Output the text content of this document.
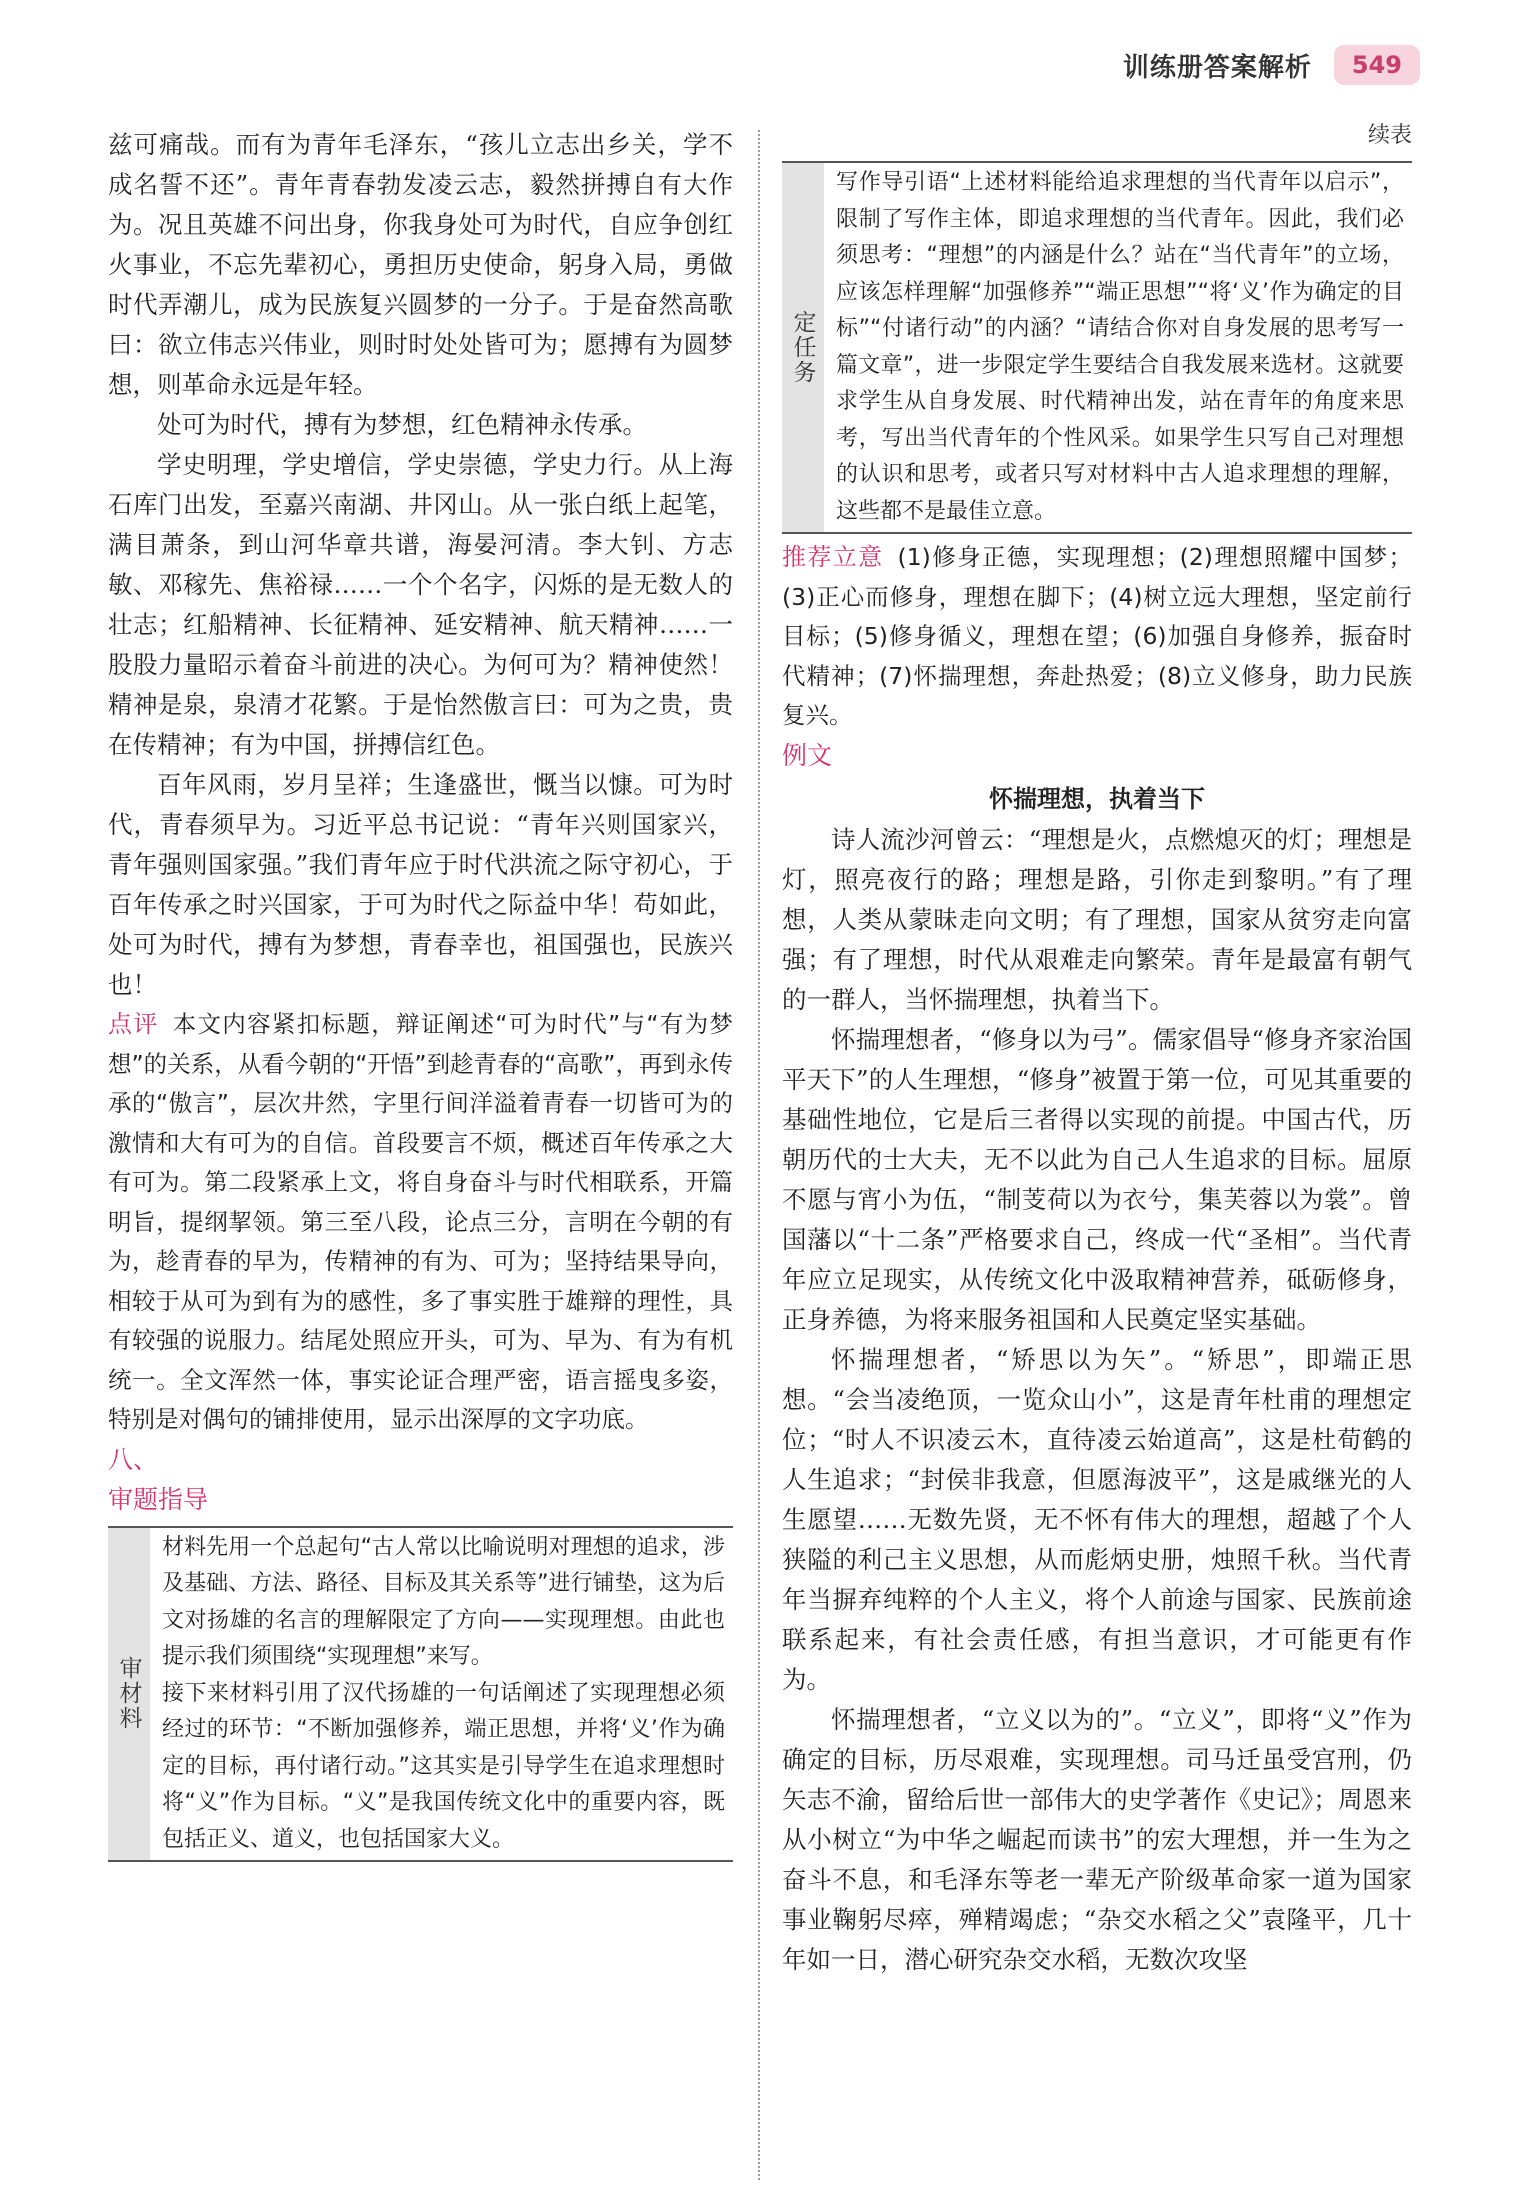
训练册答案解析	549

兹可痛哉。而有为青年毛泽东，“孩儿立志出乡关，学不成名誓不还”。青年青春勃发凌云志，毅然拼搏自有大作为。况且英雄不问出身，你我身处可为时代，自应争创红火事业，不忘先辈初心，勇担历史使命，躬身入局，勇做时代弄潮儿，成为民族复兴圆梦的一分子。于是奋然高歌曰：欲立伟志兴伟业，则时时处处皆可为；愿搏有为圆梦想，则革命永远是年轻。

处可为时代，搏有为梦想，红色精神永传承。

学史明理，学史增信，学史崇德，学史力行。从上海石库门出发，至嘉兴南湖、井冈山。从一张白纸上起笔，满目萧条，到山河华章共谱，海晏河清。李大钊、方志敏、邓稼先、焦裕禄……一个个名字，闪烁的是无数人的壮志；红船精神、长征精神、延安精神、航天精神……一股股力量昭示着奋斗前进的决心。为何可为？精神使然！精神是泉，泉清才花繁。于是怡然傲言曰：可为之贵，贵在传精神；有为中国，拼搏信红色。

百年风雨，岁月呈祥；生逢盛世，慨当以慷。可为时代，青春须早为。习近平总书记说：“青年兴则国家兴，青年强则国家强。”我们青年应于时代洪流之际守初心，于百年传承之时兴国家，于可为时代之际益中华！苟如此，处可为时代，搏有为梦想，青春幸也，祖国强也，民族兴也！

点评 本文内容紧扣标题，辩证阐述“可为时代”与“有为梦想”的关系，从看今朝的“开悟”到趁青春的“高歌”，再到永传承的“傲言”，层次井然，字里行间洋溢着青春一切皆可为的激情和大有可为的自信。首段要言不烦，概述百年传承之大有可为。第二段紧承上文，将自身奋斗与时代相联系，开篇明旨，提纲挈领。第三至八段，论点三分，言明在今朝的有为，趁青春的早为，传精神的有为、可为；坚持结果导向，相较于从可为到有为的感性，多了事实胜于雄辩的理性，具有较强的说服力。结尾处照应开头，可为、早为、有为有机统一。全文浑然一体，事实论证合理严密，语言摇曳多姿，特别是对偶句的铺排使用，显示出深厚的文字功底。

八、
审题指导
审材料

材料先用一个总起句“古人常以比喻说明对理想的追求，涉及基础、方法、路径、目标及其关系等”进行铺垫，这为后文对扬雄的名言的理解限定了方向——实现理想。由此也提示我们须围绕“实现理想”来写。

接下来材料引用了汉代扬雄的一句话阐述了实现理想必须经过的环节：“不断加强修养，端正思想，并将‘义’作为确定的目标，再付诸行动。”这其实是引导学生在追求理想时将“义”作为目标。“义”是我国传统文化中的重要内容，既包括正义、道义，也包括国家大义。

续表
定任务

写作导引语“上述材料能给追求理想的当代青年以启示”，限制了写作主体，即追求理想的当代青年。因此，我们必须思考：“理想”的内涵是什么？站在“当代青年”的立场，应该怎样理解“加强修养”“端正思想”“将‘义’作为确定的目标”“付诸行动”的内涵？“请结合你对自身发展的思考写一篇文章”，进一步限定学生要结合自我发展来选材。这就要求学生从自身发展、时代精神出发，站在青年的角度来思考，写出当代青年的个性风采。如果学生只写自己对理想的认识和思考，或者只写对材料中古人追求理想的理解，这些都不是最佳立意。

推荐立意 (1)修身正德，实现理想；(2)理想照耀中国梦；(3)正心而修身，理想在脚下；(4)树立远大理想，坚定前行目标；(5)修身循义，理想在望；(6)加强自身修养，振奋时代精神；(7)怀揣理想，奔赴热爱；(8)立义修身，助力民族复兴。

例文
怀揣理想，执着当下

诗人流沙河曾云：“理想是火，点燃熄灭的灯；理想是灯，照亮夜行的路；理想是路，引你走到黎明。”有了理想，人类从蒙昧走向文明；有了理想，国家从贫穷走向富强；有了理想，时代从艰难走向繁荣。青年是最富有朝气的一群人，当怀揣理想，执着当下。

怀揣理想者，“修身以为弓”。儒家倡导“修身齐家治国平天下”的人生理想，“修身”被置于第一位，可见其重要的基础性地位，它是后三者得以实现的前提。中国古代，历朝历代的士大夫，无不以此为自己人生追求的目标。屈原不愿与宵小为伍，“制芰荷以为衣兮，集芙蓉以为裳”。曾国藩以“十二条”严格要求自己，终成一代“圣相”。当代青年应立足现实，从传统文化中汲取精神营养，砥砺修身，正身养德，为将来服务祖国和人民奠定坚实基础。

怀揣理想者，“矫思以为矢”。“矫思”，即端正思想。“会当凌绝顶，一览众山小”，这是青年杜甫的理想定位；“时人不识凌云木，直待凌云始道高”，这是杜荀鹤的人生追求；“封侯非我意，但愿海波平”，这是戚继光的人生愿望……无数先贤，无不怀有伟大的理想，超越了个人狭隘的利己主义思想，从而彪炳史册，烛照千秋。当代青年当摒弃纯粹的个人主义，将个人前途与国家、民族前途联系起来，有社会责任感，有担当意识，才可能更有作为。

怀揣理想者，“立义以为的”。“立义”，即将“义”作为确定的目标，历尽艰难，实现理想。司马迁虽受宫刑，仍矢志不渝，留给后世一部伟大的史学著作《史记》；周恩来从小树立“为中华之崛起而读书”的宏大理想，并一生为之奋斗不息，和毛泽东等老一辈无产阶级革命家一道为国家事业鞠躬尽瘁，殚精竭虑；“杂交水稻之父”袁隆平，几十年如一日，潜心研究杂交水稻，无数次攻坚
